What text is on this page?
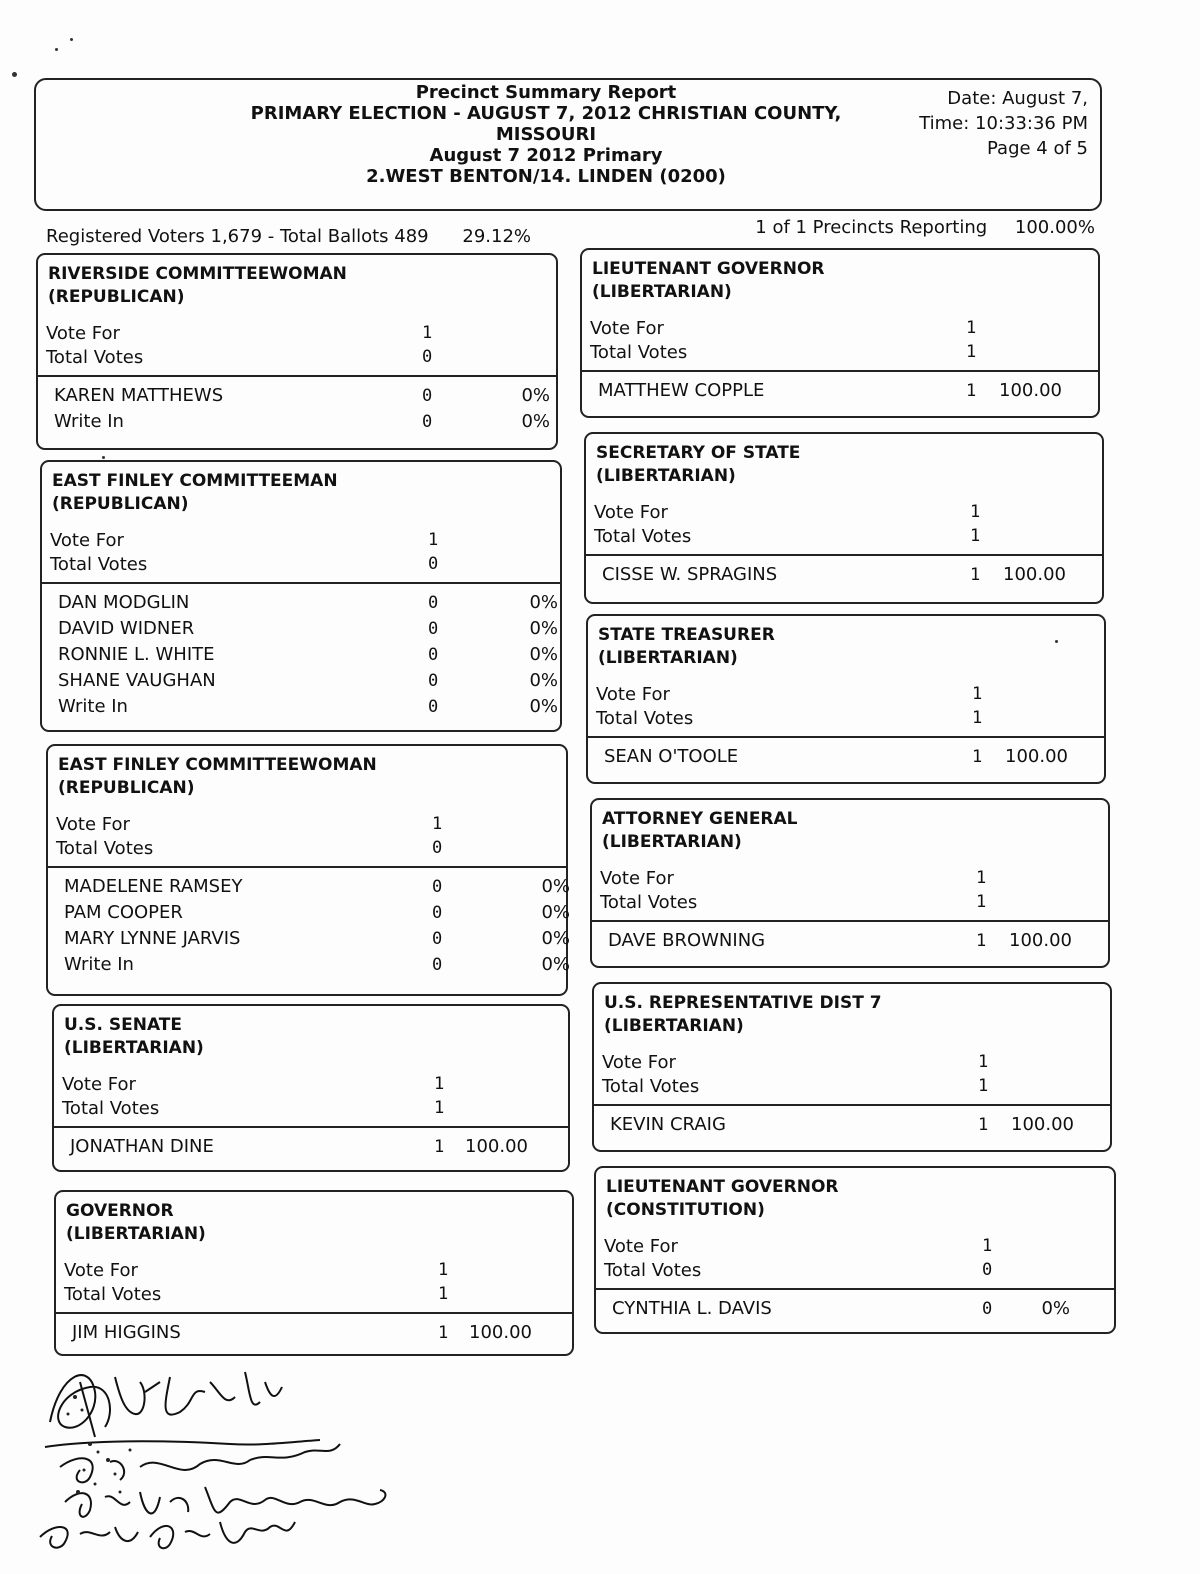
Precinct Summary Report
PRIMARY ELECTION - AUGUST 7, 2012 CHRISTIAN COUNTY,
MISSOURI
August 7 2012 Primary
2.WEST BENTON/14. LINDEN (0200)
Date: August 7,
Time: 10:33:36 PM
Page 4 of 5
Registered Voters 1,679 - Total Ballots 489 29.12%	1 of 1 Precincts Reporting 100.00%
RIVERSIDE COMMITTEEWOMAN
(REPUBLICAN)
Vote For	1
Total Votes	0
KAREN MATTHEWS	0	0%
Write In	0	0%
EAST FINLEY COMMITTEEMAN
(REPUBLICAN)
Vote For	1
Total Votes	0
DAN MODGLIN	0	0%
DAVID WIDNER	0	0%
RONNIE L. WHITE	0	0%
SHANE VAUGHAN	0	0%
Write In	0	0%
EAST FINLEY COMMITTEEWOMAN
(REPUBLICAN)
Vote For	1
Total Votes	0
MADELENE RAMSEY	0	0%
PAM COOPER	0	0%
MARY LYNNE JARVIS	0	0%
Write In	0	0%
U.S. SENATE
(LIBERTARIAN)
Vote For	1
Total Votes	1
JONATHAN DINE	1	100.00
GOVERNOR
(LIBERTARIAN)
Vote For	1
Total Votes	1
JIM HIGGINS	1	100.00
LIEUTENANT GOVERNOR
(LIBERTARIAN)
Vote For	1
Total Votes	1
MATTHEW COPPLE	1	100.00
SECRETARY OF STATE
(LIBERTARIAN)
Vote For	1
Total Votes	1
CISSE W. SPRAGINS	1	100.00
STATE TREASURER
(LIBERTARIAN)
Vote For	1
Total Votes	1
SEAN O'TOOLE	1	100.00
ATTORNEY GENERAL
(LIBERTARIAN)
Vote For	1
Total Votes	1
DAVE BROWNING	1	100.00
U.S. REPRESENTATIVE DIST 7
(LIBERTARIAN)
Vote For	1
Total Votes	1
KEVIN CRAIG	1	100.00
LIEUTENANT GOVERNOR
(CONSTITUTION)
Vote For	1
Total Votes	0
CYNTHIA L. DAVIS	0	0%
